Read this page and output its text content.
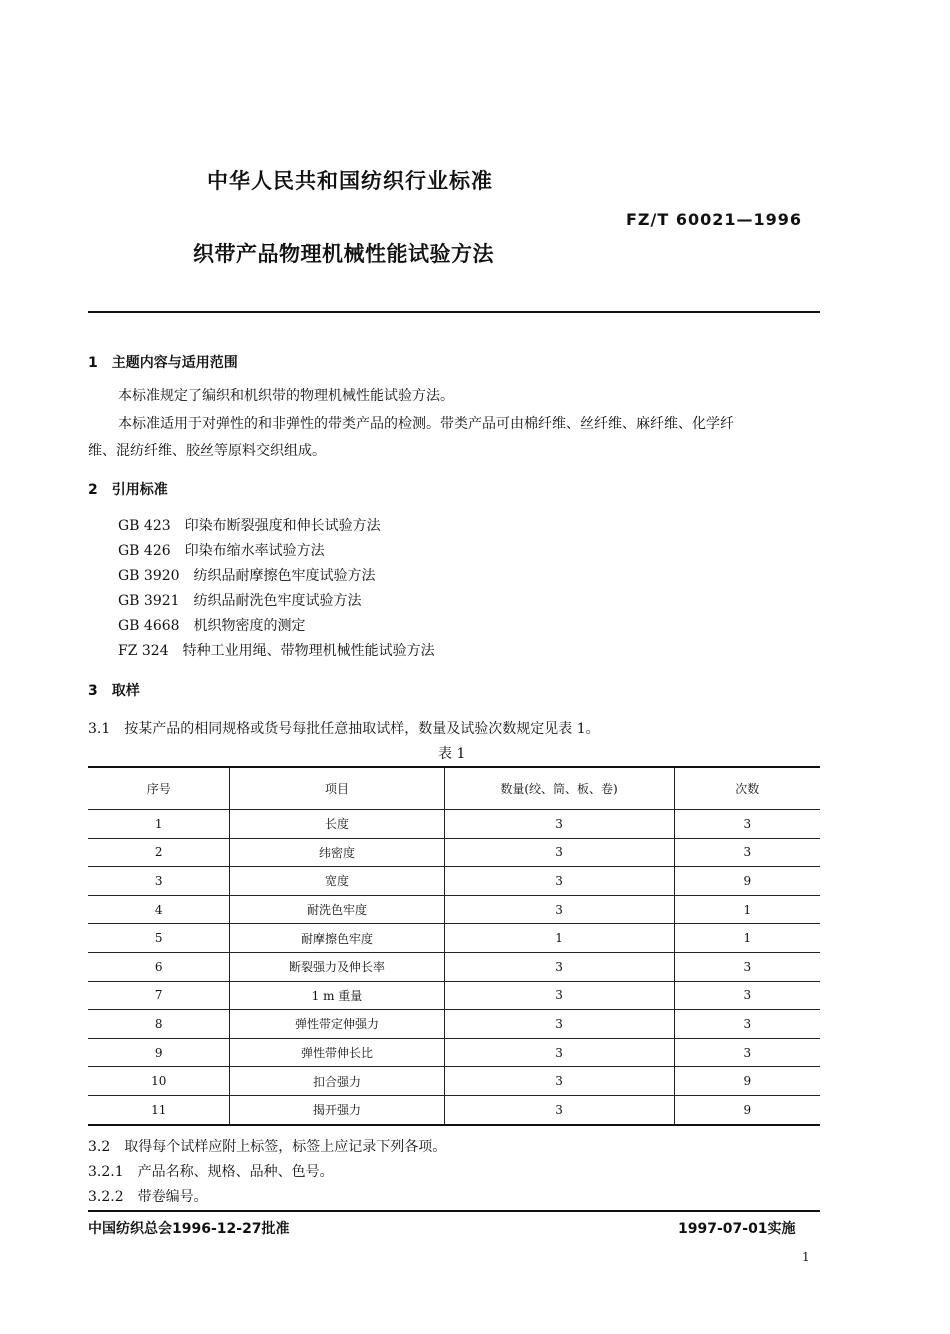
中华人民共和国纺织行业标准
FZ/T 60021—1996
织带产品物理机械性能试验方法
1　主题内容与适用范围
本标准规定了编织和机织带的物理机械性能试验方法。
本标准适用于对弹性的和非弹性的带类产品的检测。带类产品可由棉纤维、丝纤维、麻纤维、化学纤
维、混纺纤维、胶丝等原料交织组成。
2　引用标准
GB 423　印染布断裂强度和伸长试验方法
GB 426　印染布缩水率试验方法
GB 3920　纺织品耐摩擦色牢度试验方法
GB 3921　纺织品耐洗色牢度试验方法
GB 4668　机织物密度的测定
FZ 324　特种工业用绳、带物理机械性能试验方法
3　取样
3.1　按某产品的相同规格或货号每批任意抽取试样，数量及试验次数规定见表 1。
表 1
序号	项目	数量(绞、筒、板、卷)	次数
1	长度	3	3
2	纬密度	3	3
3	宽度	3	9
4	耐洗色牢度	3	1
5	耐摩擦色牢度	1	1
6	断裂强力及伸长率	3	3
7	1 m 重量	3	3
8	弹性带定伸强力	3	3
9	弹性带伸长比	3	3
10	扣合强力	3	9
11	揭开强力	3	9
3.2　取得每个试样应附上标签，标签上应记录下列各项。
3.2.1　产品名称、规格、品种、色号。
3.2.2　带卷编号。
中国纺织总会1996-12-27批准	1997-07-01实施
1
